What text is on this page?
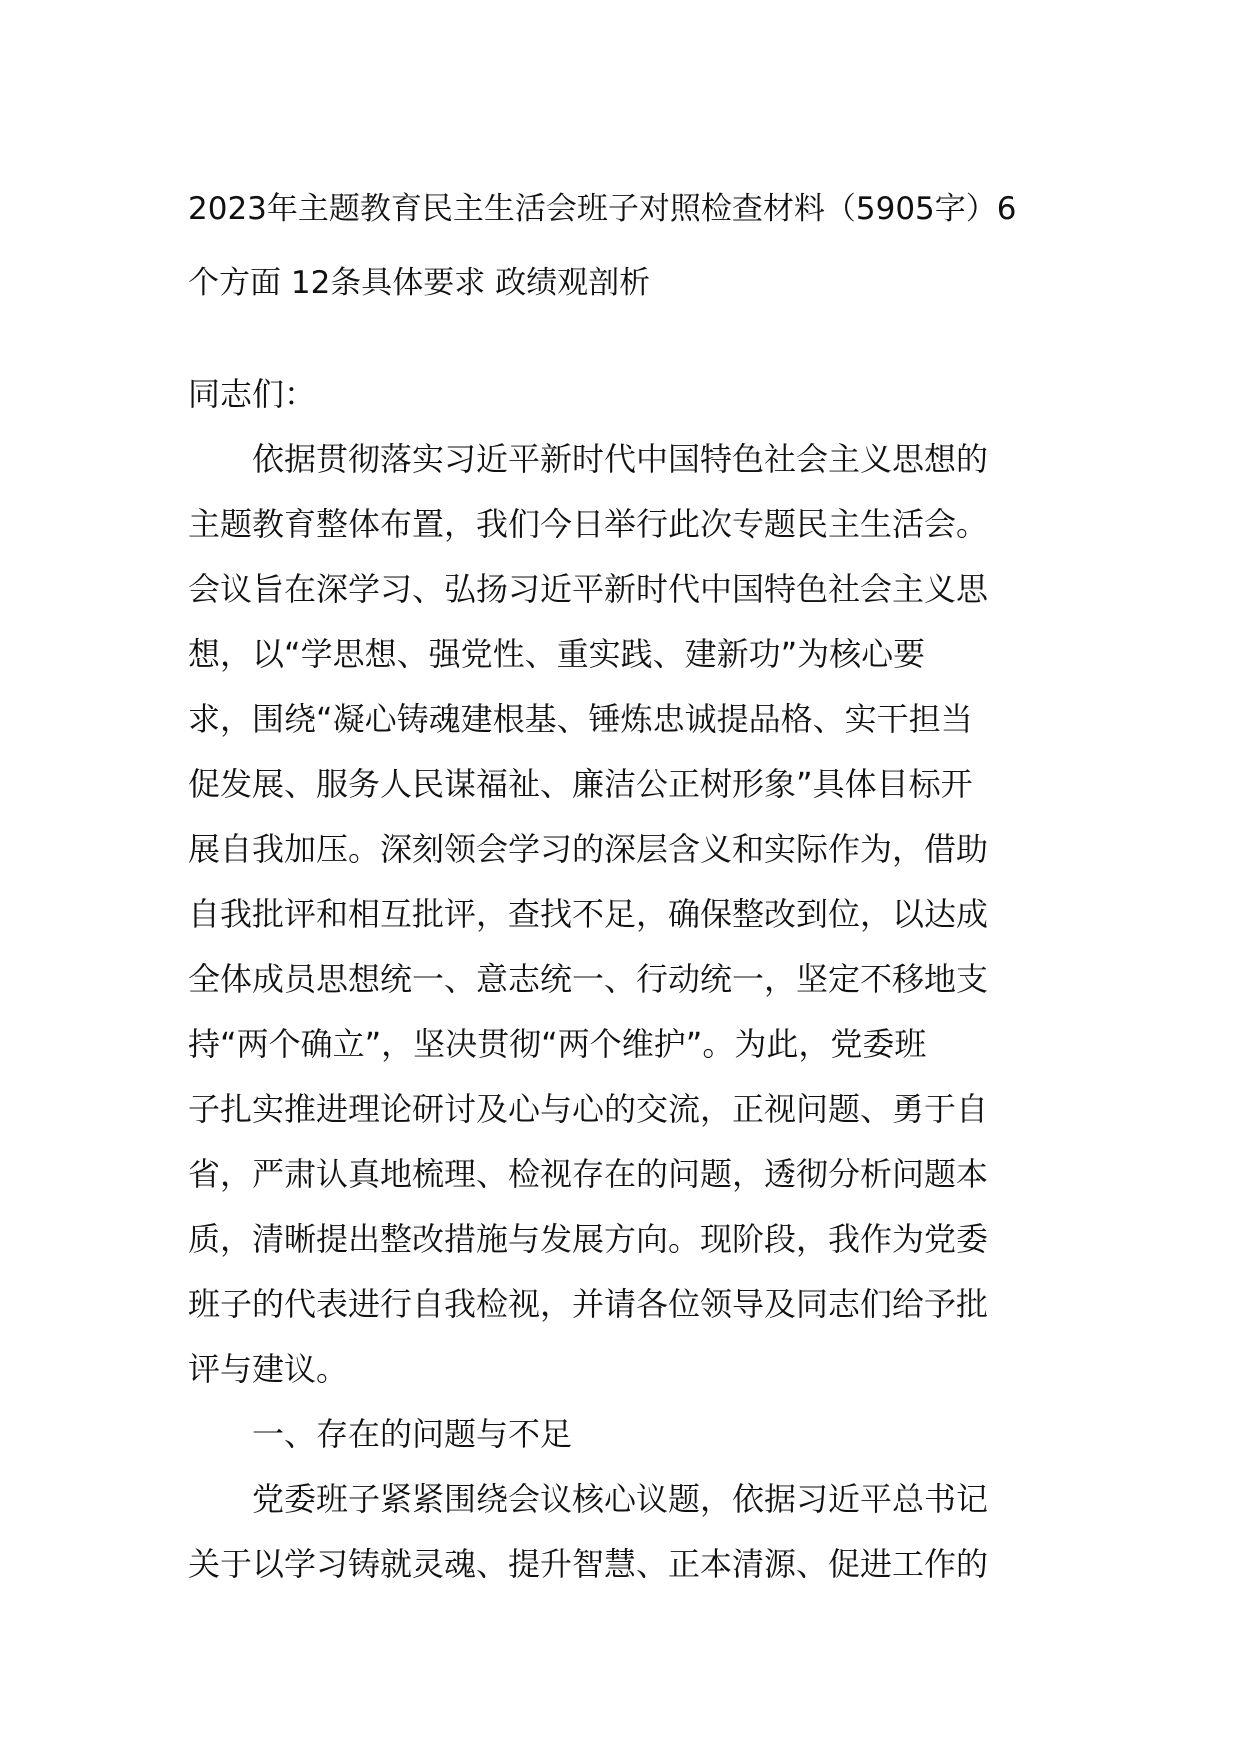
2023年主题教育民主生活会班子对照检查材料（5905字）6
个方面 12条具体要求 政绩观剖析
同志们：
　　依据贯彻落实习近平新时代中国特色社会主义思想的
主题教育整体布置，我们今日举行此次专题民主生活会。
会议旨在深学习、弘扬习近平新时代中国特色社会主义思
想，以“学思想、强党性、重实践、建新功”为核心要
求，围绕“凝心铸魂建根基、锤炼忠诚提品格、实干担当
促发展、服务人民谋福祉、廉洁公正树形象”具体目标开
展自我加压。深刻领会学习的深层含义和实际作为，借助
自我批评和相互批评，查找不足，确保整改到位，以达成
全体成员思想统一、意志统一、行动统一，坚定不移地支
持“两个确立”，坚决贯彻“两个维护”。为此，党委班
子扎实推进理论研讨及心与心的交流，正视问题、勇于自
省，严肃认真地梳理、检视存在的问题，透彻分析问题本
质，清晰提出整改措施与发展方向。现阶段，我作为党委
班子的代表进行自我检视，并请各位领导及同志们给予批
评与建议。
　　一、存在的问题与不足
　　党委班子紧紧围绕会议核心议题，依据习近平总书记
关于以学习铸就灵魂、提升智慧、正本清源、促进工作的
